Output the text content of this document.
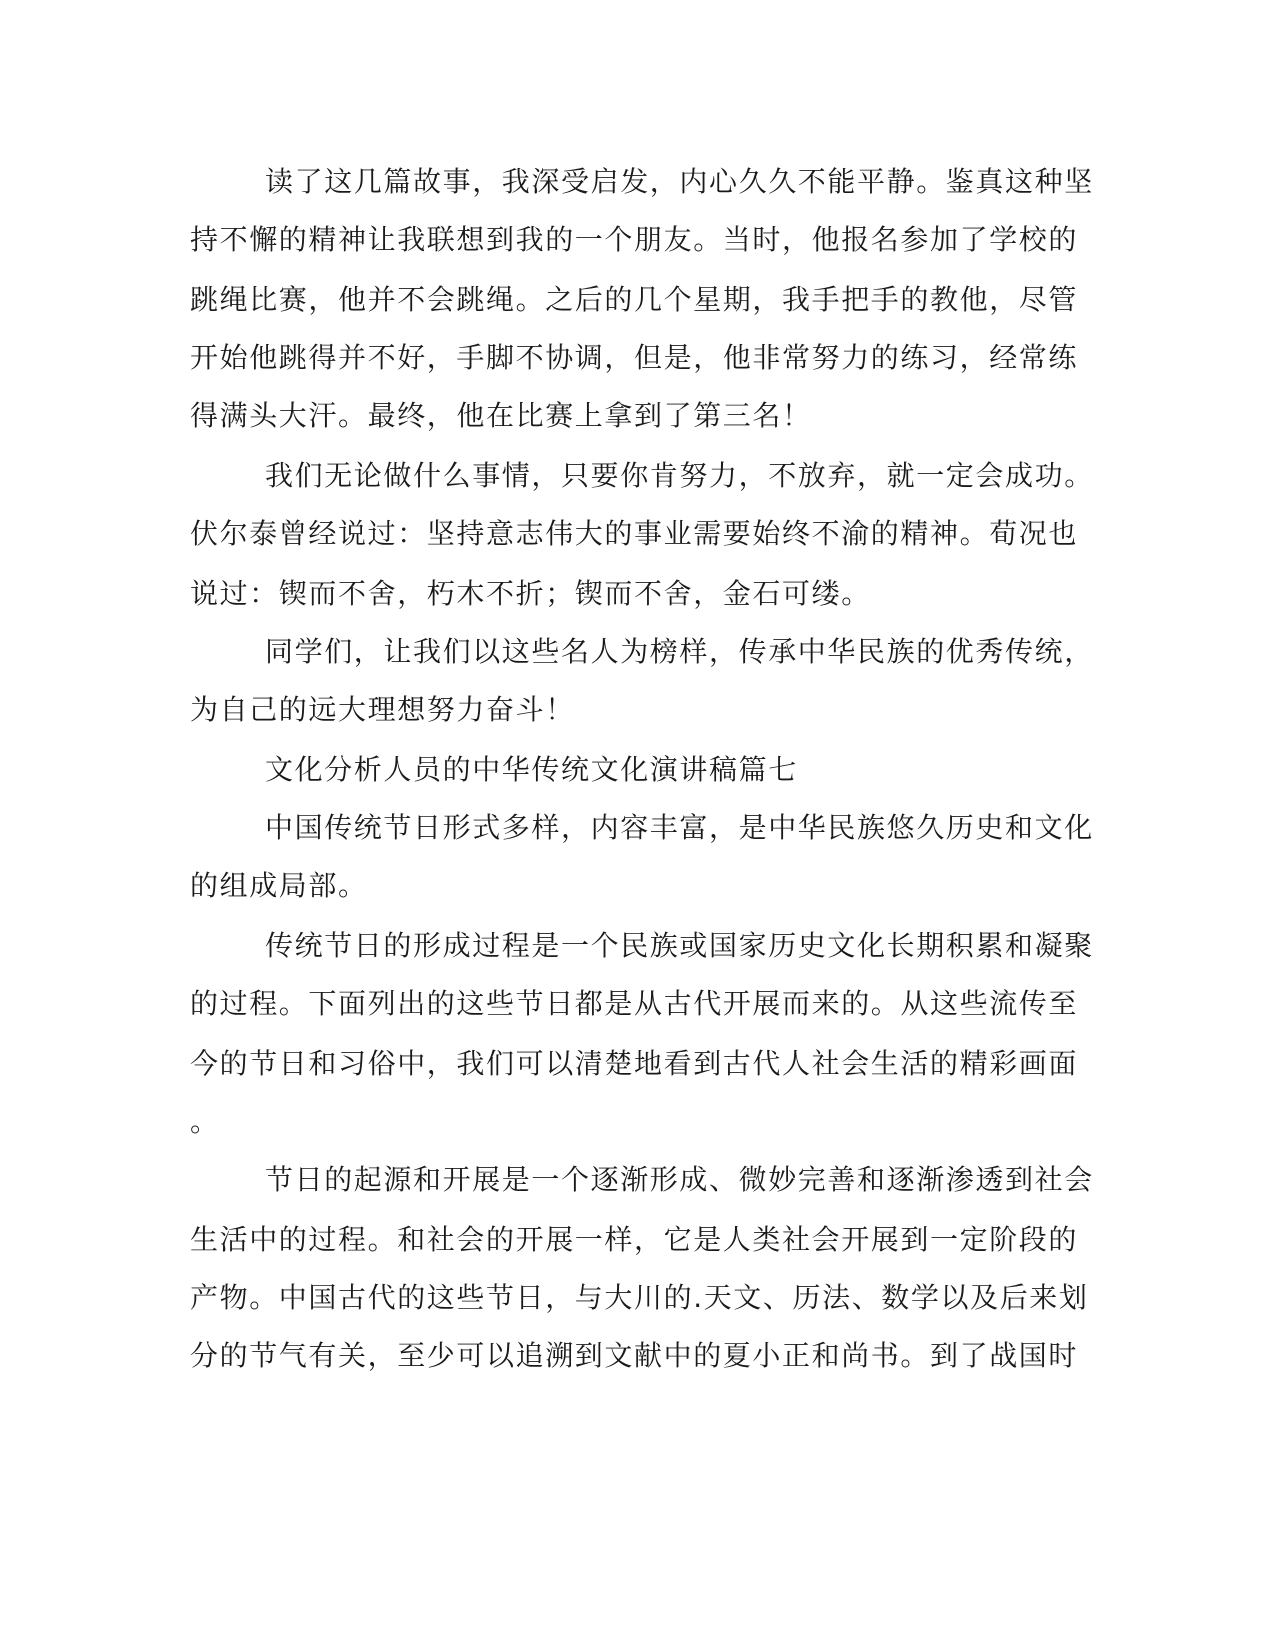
读了这几篇故事，我深受启发，内心久久不能平静。鉴真这种坚
持不懈的精神让我联想到我的一个朋友。当时，他报名参加了学校的
跳绳比赛，他并不会跳绳。之后的几个星期，我手把手的教他，尽管
开始他跳得并不好，手脚不协调，但是，他非常努力的练习，经常练
得满头大汗。最终，他在比赛上拿到了第三名！
我们无论做什么事情，只要你肯努力，不放弃，就一定会成功。
伏尔泰曾经说过：坚持意志伟大的事业需要始终不渝的精神。荀况也
说过：锲而不舍，朽木不折；锲而不舍，金石可缕。
同学们，让我们以这些名人为榜样，传承中华民族的优秀传统，
为自己的远大理想努力奋斗！
文化分析人员的中华传统文化演讲稿篇七
中国传统节日形式多样，内容丰富，是中华民族悠久历史和文化
的组成局部。
传统节日的形成过程是一个民族或国家历史文化长期积累和凝聚
的过程。下面列出的这些节日都是从古代开展而来的。从这些流传至
今的节日和习俗中，我们可以清楚地看到古代人社会生活的精彩画面
。
节日的起源和开展是一个逐渐形成、微妙完善和逐渐渗透到社会
生活中的过程。和社会的开展一样，它是人类社会开展到一定阶段的
产物。中国古代的这些节日，与大川的.天文、历法、数学以及后来划
分的节气有关，至少可以追溯到文献中的夏小正和尚书。到了战国时
